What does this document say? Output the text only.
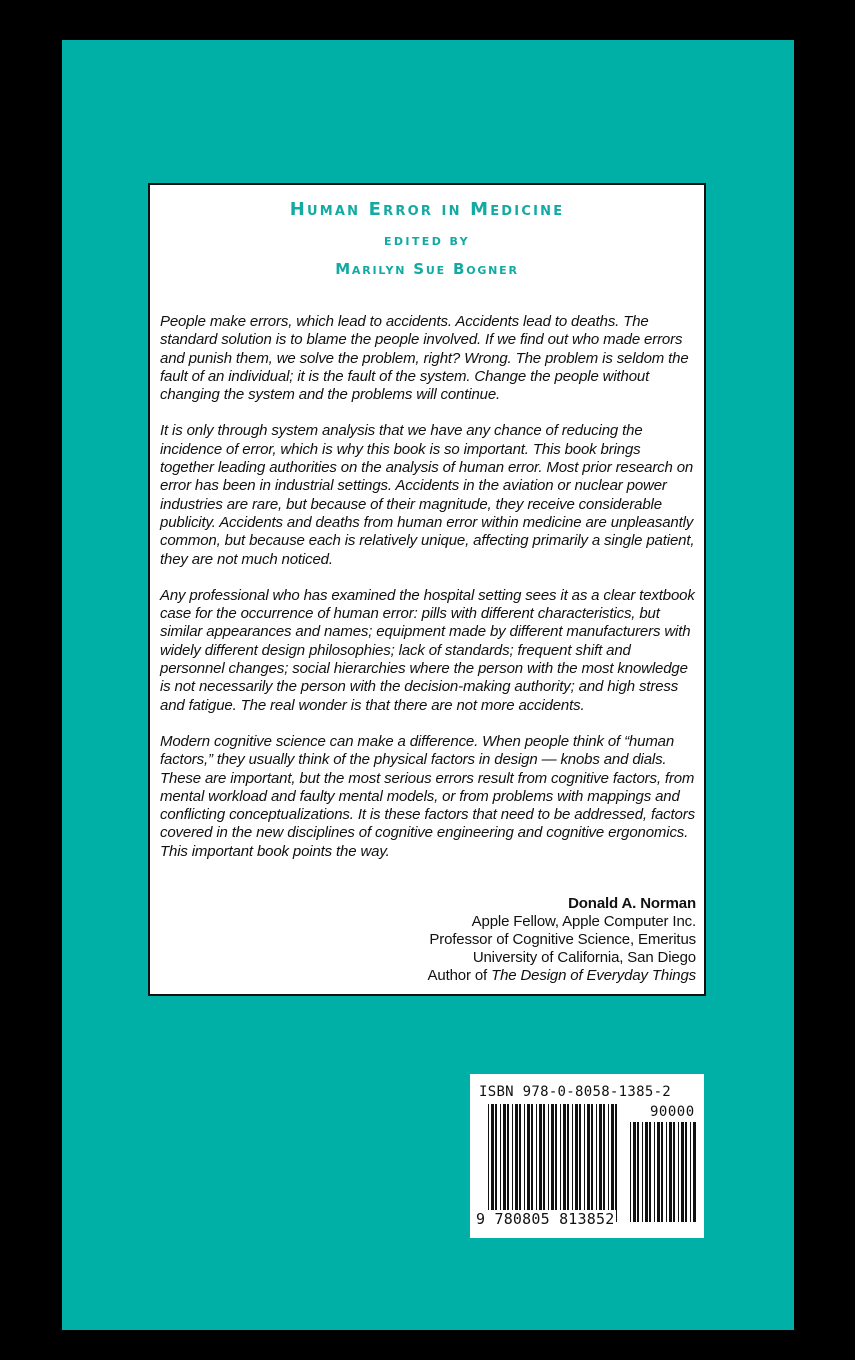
Human Error in Medicine
EDITED BY
Marilyn Sue Bogner

People make errors, which lead to accidents. Accidents lead to deaths. The standard solution is to blame the people involved. If we find out who made errors and punish them, we solve the problem, right? Wrong. The problem is seldom the fault of an individual; it is the fault of the system. Change the people without changing the system and the problems will continue.

It is only through system analysis that we have any chance of reducing the incidence of error, which is why this book is so important. This book brings together leading authorities on the analysis of human error. Most prior research on error has been in industrial settings. Accidents in the aviation or nuclear power industries are rare, but because of their magnitude, they receive considerable publicity. Accidents and deaths from human error within medicine are unpleasantly common, but because each is relatively unique, affecting primarily a single patient, they are not much noticed.

Any professional who has examined the hospital setting sees it as a clear textbook case for the occurrence of human error: pills with different characteristics, but similar appearances and names; equipment made by different manufacturers with widely different design philosophies; lack of standards; frequent shift and personnel changes; social hierarchies where the person with the most knowledge is not necessarily the person with the decision-making authority; and high stress and fatigue. The real wonder is that there are not more accidents.

Modern cognitive science can make a difference. When people think of “human factors,” they usually think of the physical factors in design — knobs and dials. These are important, but the most serious errors result from cognitive factors, from mental workload and faulty mental models, or from problems with mappings and conflicting conceptualizations. It is these factors that need to be addressed, factors covered in the new disciplines of cognitive engineering and cognitive ergonomics. This important book points the way.

Donald A. Norman
Apple Fellow, Apple Computer Inc.
Professor of Cognitive Science, Emeritus
University of California, San Diego
Author of The Design of Everyday Things
ISBN 978-0-8058-1385-2
90000
9 780805 813852
